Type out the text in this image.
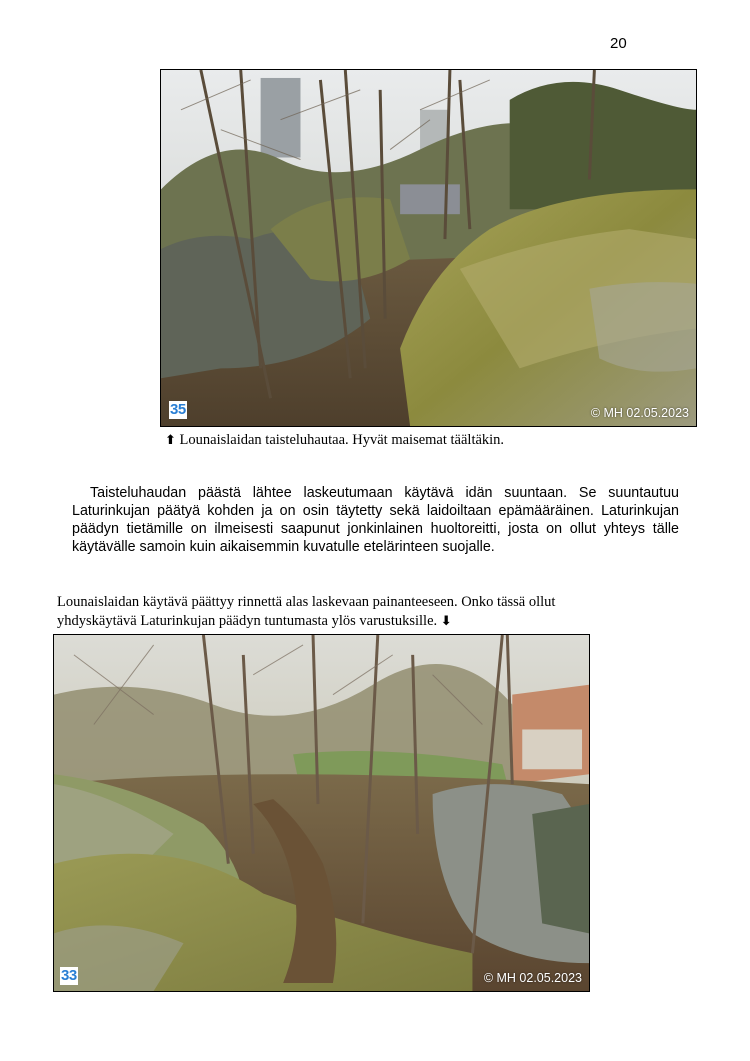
20
35	© MH 02.05.2023
⬆ Lounaislaidan taisteluhautaa. Hyvät maisemat täältäkin.

Taisteluhaudan päästä lähtee laskeutumaan käytävä idän suuntaan. Se suuntautuu Laturinkujan päätyä kohden ja on osin täytetty sekä laidoiltaan epämääräinen. Laturinkujan päädyn tietämille on ilmeisesti saapunut jonkinlainen huoltoreitti, josta on ollut yhteys tälle käytävälle samoin kuin aikaisemmin kuvatulle etelärinteen suojalle.

Lounaislaidan käytävä päättyy rinnettä alas laskevaan painanteeseen. Onko tässä ollut yhdyskäytävä Laturinkujan päädyn tuntumasta ylös varustuksille. ⬇

33	© MH 02.05.2023
